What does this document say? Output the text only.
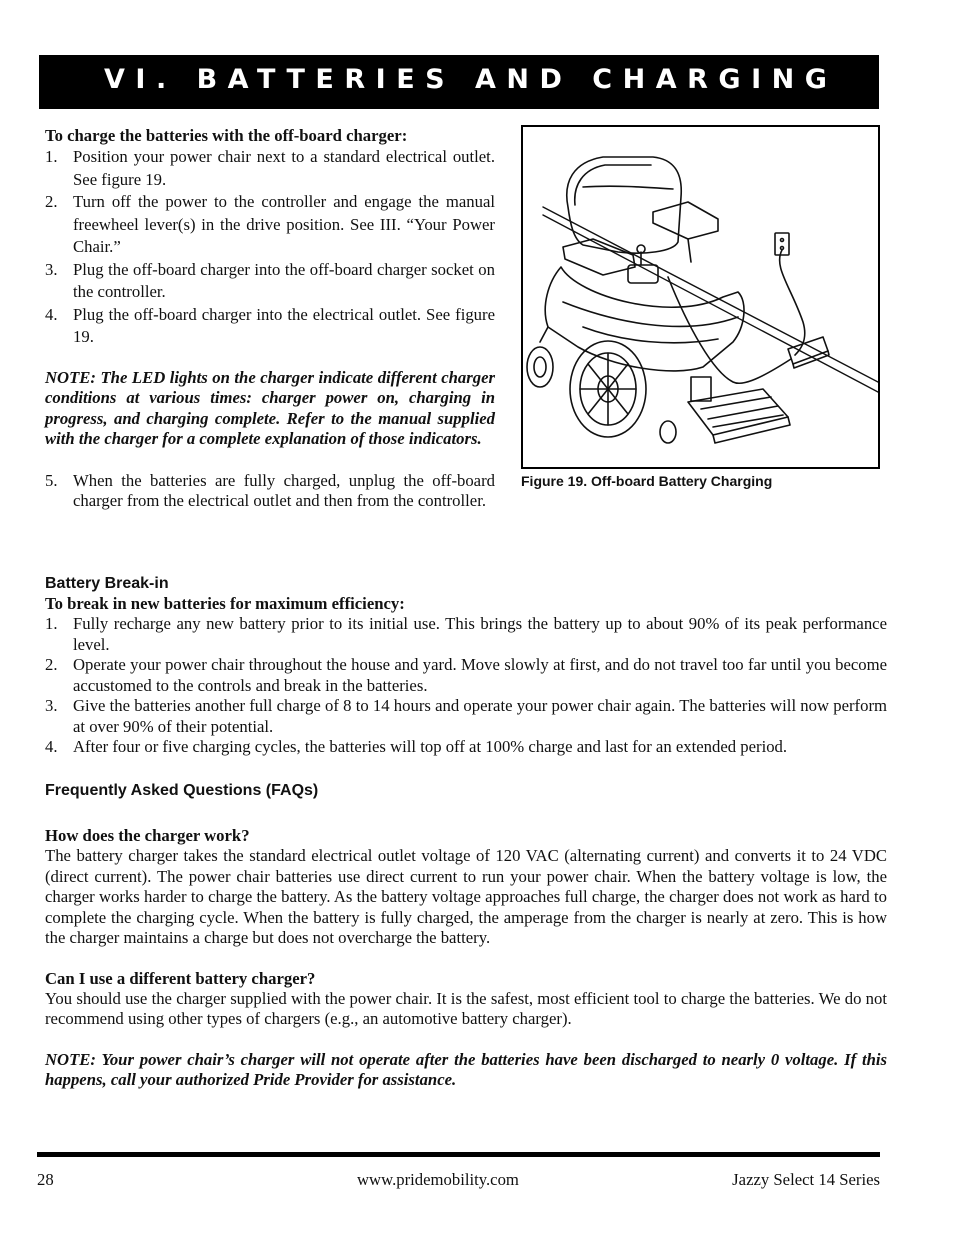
VI. BATTERIES AND CHARGING

To charge the batteries with the off-board charger:

1. Position your power chair next to a standard electrical outlet. See figure 19.
2. Turn off the power to the controller and engage the manual freewheel lever(s) in the drive position. See III. “Your Power Chair.”
3. Plug the off-board charger into the off-board charger socket on the controller.
4. Plug the off-board charger into the electrical outlet. See figure 19.

NOTE: The LED lights on the charger indicate different charger conditions at various times: charger power on, charging in progress, and charging complete. Refer to the manual supplied with the charger for a complete explanation of those indicators.

5. When the batteries are fully charged, unplug the off-board charger from the electrical outlet and then from the controller.

Figure 19. Off-board Battery Charging

Battery Break-in

To break in new batteries for maximum efficiency:

1. Fully recharge any new battery prior to its initial use. This brings the battery up to about 90% of its peak performance level.
2. Operate your power chair throughout the house and yard. Move slowly at first, and do not travel too far until you become accustomed to the controls and break in the batteries.
3. Give the batteries another full charge of 8 to 14 hours and operate your power chair again. The batteries will now perform at over 90% of their potential.
4. After four or five charging cycles, the batteries will top off at 100% charge and last for an extended period.
Frequently Asked Questions (FAQs)

How does the charger work?

The battery charger takes the standard electrical outlet voltage of 120 VAC (alternating current) and converts it to 24 VDC (direct current). The power chair batteries use direct current to run your power chair. When the battery voltage is low, the charger works harder to charge the battery. As the battery voltage approaches full charge, the charger does not work as hard to complete the charging cycle. When the battery is fully charged, the amperage from the charger is nearly at zero. This is how the charger maintains a charge but does not overcharge the battery.

Can I use a different battery charger?

You should use the charger supplied with the power chair. It is the safest, most efficient tool to charge the batteries. We do not recommend using other types of chargers (e.g., an automotive battery charger).

NOTE: Your power chair’s charger will not operate after the batteries have been discharged to nearly 0 voltage. If this happens, call your authorized Pride Provider for assistance.

28	www.pridemobility.com	Jazzy Select 14 Series
